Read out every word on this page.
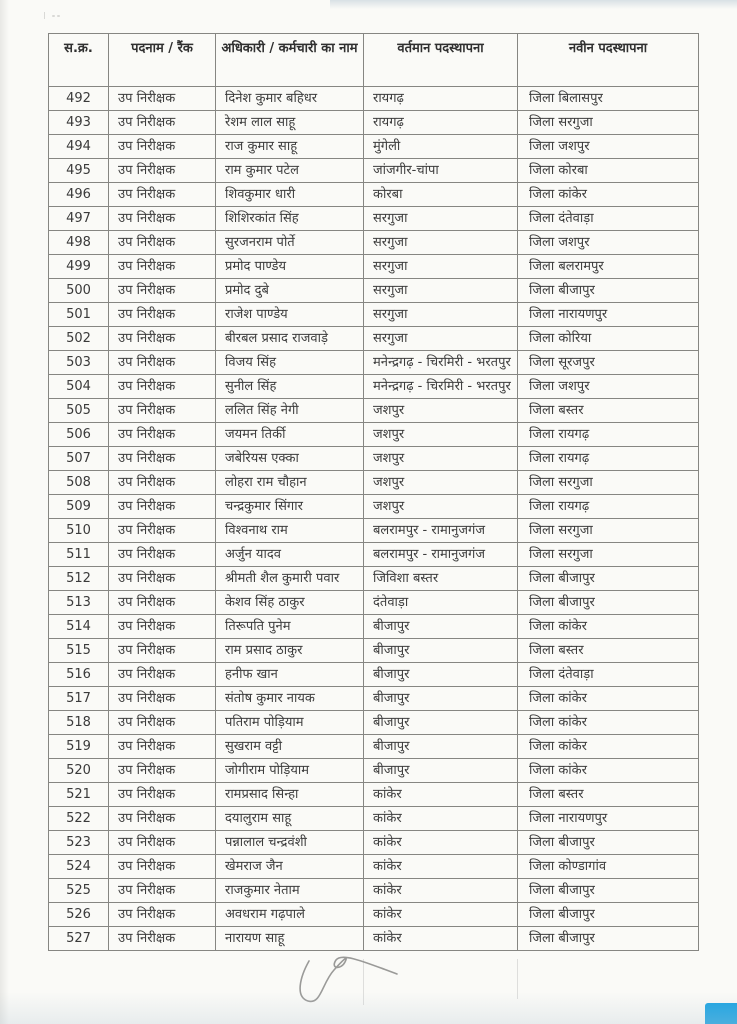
स.क्र.	पदनाम / रैंक	अधिकारी / कर्मचारी का नाम	वर्तमान पदस्थापना	नवीन पदस्थापना
492	उप निरीक्षक	दिनेश कुमार बहिधर	रायगढ़	जिला बिलासपुर
493	उप निरीक्षक	रेशम लाल साहू	रायगढ़	जिला सरगुजा
494	उप निरीक्षक	राज कुमार साहू	मुंगेली	जिला जशपुर
495	उप निरीक्षक	राम कुमार पटेल	जांजगीर-चांपा	जिला कोरबा
496	उप निरीक्षक	शिवकुमार धारी	कोरबा	जिला कांकेर
497	उप निरीक्षक	शिशिरकांत सिंह	सरगुजा	जिला दंतेवाड़ा
498	उप निरीक्षक	सुरजनराम पोर्ते	सरगुजा	जिला जशपुर
499	उप निरीक्षक	प्रमोद पाण्डेय	सरगुजा	जिला बलरामपुर
500	उप निरीक्षक	प्रमोद दुबे	सरगुजा	जिला बीजापुर
501	उप निरीक्षक	राजेश पाण्डेय	सरगुजा	जिला नारायणपुर
502	उप निरीक्षक	बीरबल प्रसाद राजवाड़े	सरगुजा	जिला कोरिया
503	उप निरीक्षक	विजय सिंह	मनेन्द्रगढ़ - चिरमिरी - भरतपुर	जिला सूरजपुर
504	उप निरीक्षक	सुनील सिंह	मनेन्द्रगढ़ - चिरमिरी - भरतपुर	जिला जशपुर
505	उप निरीक्षक	ललित सिंह नेगी	जशपुर	जिला बस्तर
506	उप निरीक्षक	जयमन तिर्की	जशपुर	जिला रायगढ़
507	उप निरीक्षक	जबेरियस एक्का	जशपुर	जिला रायगढ़
508	उप निरीक्षक	लोहरा राम चौहान	जशपुर	जिला सरगुजा
509	उप निरीक्षक	चन्द्रकुमार सिंगार	जशपुर	जिला रायगढ़
510	उप निरीक्षक	विश्वनाथ राम	बलरामपुर - रामानुजगंज	जिला सरगुजा
511	उप निरीक्षक	अर्जुन यादव	बलरामपुर - रामानुजगंज	जिला सरगुजा
512	उप निरीक्षक	श्रीमती शैल कुमारी पवार	जिविशा बस्तर	जिला बीजापुर
513	उप निरीक्षक	केशव सिंह ठाकुर	दंतेवाड़ा	जिला बीजापुर
514	उप निरीक्षक	तिरूपति पुनेम	बीजापुर	जिला कांकेर
515	उप निरीक्षक	राम प्रसाद ठाकुर	बीजापुर	जिला बस्तर
516	उप निरीक्षक	हनीफ खान	बीजापुर	जिला दंतेवाड़ा
517	उप निरीक्षक	संतोष कुमार नायक	बीजापुर	जिला कांकेर
518	उप निरीक्षक	पतिराम पोड़ियाम	बीजापुर	जिला कांकेर
519	उप निरीक्षक	सुखराम वट्टी	बीजापुर	जिला कांकेर
520	उप निरीक्षक	जोगीराम पोड़ियाम	बीजापुर	जिला कांकेर
521	उप निरीक्षक	रामप्रसाद सिन्हा	कांकेर	जिला बस्तर
522	उप निरीक्षक	दयालुराम साहू	कांकेर	जिला नारायणपुर
523	उप निरीक्षक	पन्नालाल चन्द्रवंशी	कांकेर	जिला बीजापुर
524	उप निरीक्षक	खेमराज जैन	कांकेर	जिला कोण्डागांव
525	उप निरीक्षक	राजकुमार नेताम	कांकेर	जिला बीजापुर
526	उप निरीक्षक	अवधराम गढ़पाले	कांकेर	जिला बीजापुर
527	उप निरीक्षक	नारायण साहू	कांकेर	जिला बीजापुर
